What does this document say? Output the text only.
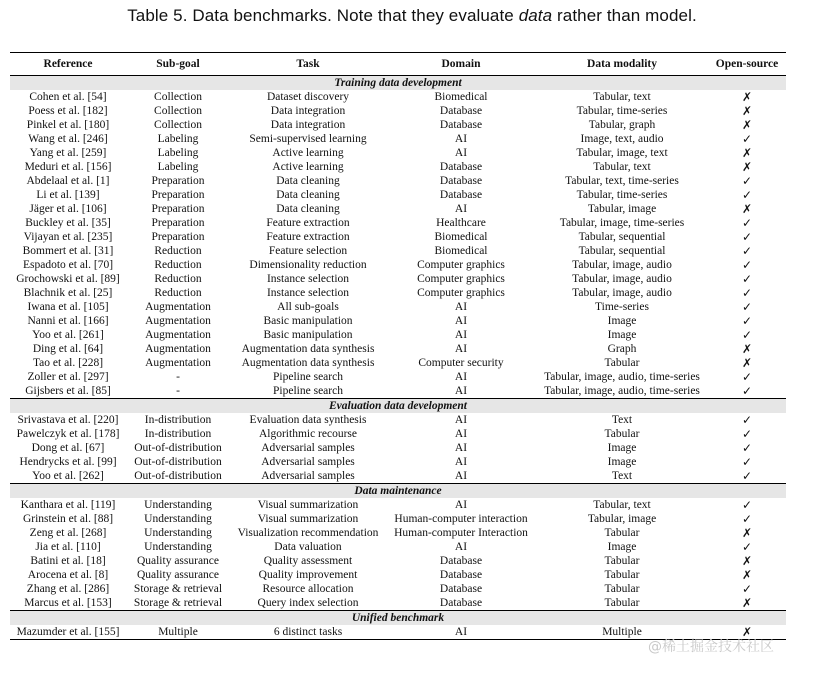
Table 5. Data benchmarks. Note that they evaluate data rather than model.
Reference	Sub-goal	Task	Domain	Data modality	Open-source
Training data development					
Cohen et al. [54]	Collection	Dataset discovery	Biomedical	Tabular, text	✗
Poess et al. [182]	Collection	Data integration	Database	Tabular, time-series	✗
Pinkel et al. [180]	Collection	Data integration	Database	Tabular, graph	✗
Wang et al. [246]	Labeling	Semi-supervised learning	AI	Image, text, audio	✓
Yang et al. [259]	Labeling	Active learning	AI	Tabular, image, text	✗
Meduri et al. [156]	Labeling	Active learning	Database	Tabular, text	✗
Abdelaal et al. [1]	Preparation	Data cleaning	Database	Tabular, text, time-series	✓
Li et al. [139]	Preparation	Data cleaning	Database	Tabular, time-series	✓
Jäger et al. [106]	Preparation	Data cleaning	AI	Tabular, image	✗
Buckley et al. [35]	Preparation	Feature extraction	Healthcare	Tabular, image, time-series	✓
Vijayan et al. [235]	Preparation	Feature extraction	Biomedical	Tabular, sequential	✓
Bommert et al. [31]	Reduction	Feature selection	Biomedical	Tabular, sequential	✓
Espadoto et al. [70]	Reduction	Dimensionality reduction	Computer graphics	Tabular, image, audio	✓
Grochowski et al. [89]	Reduction	Instance selection	Computer graphics	Tabular, image, audio	✓
Blachnik et al. [25]	Reduction	Instance selection	Computer graphics	Tabular, image, audio	✓
Iwana et al. [105]	Augmentation	All sub-goals	AI	Time-series	✓
Nanni et al. [166]	Augmentation	Basic manipulation	AI	Image	✓
Yoo et al. [261]	Augmentation	Basic manipulation	AI	Image	✓
Ding et al. [64]	Augmentation	Augmentation data synthesis	AI	Graph	✗
Tao et al. [228]	Augmentation	Augmentation data synthesis	Computer security	Tabular	✗
Zoller et al. [297]	-	Pipeline search	AI	Tabular, image, audio, time-series	✓
Gijsbers et al. [85]	-	Pipeline search	AI	Tabular, image, audio, time-series	✓
Evaluation data development					
Srivastava et al. [220]	In-distribution	Evaluation data synthesis	AI	Text	✓
Pawelczyk et al. [178]	In-distribution	Algorithmic recourse	AI	Tabular	✓
Dong et al. [67]	Out-of-distribution	Adversarial samples	AI	Image	✓
Hendrycks et al. [99]	Out-of-distribution	Adversarial samples	AI	Image	✓
Yoo et al. [262]	Out-of-distribution	Adversarial samples	AI	Text	✓
Data maintenance					
Kanthara et al. [119]	Understanding	Visual summarization	AI	Tabular, text	✓
Grinstein et al. [88]	Understanding	Visual summarization	Human-computer interaction	Tabular, image	✓
Zeng et al. [268]	Understanding	Visualization recommendation	Human-computer Interaction	Tabular	✗
Jia et al. [110]	Understanding	Data valuation	AI	Image	✓
Batini et al. [18]	Quality assurance	Quality assessment	Database	Tabular	✗
Arocena et al. [8]	Quality assurance	Quality improvement	Database	Tabular	✗
Zhang et al. [286]	Storage & retrieval	Resource allocation	Database	Tabular	✓
Marcus et al. [153]	Storage & retrieval	Query index selection	Database	Tabular	✗
Unified benchmark					
Mazumder et al. [155]	Multiple	6 distinct tasks	AI	Multiple	✗
@稀土掘金技术社区
